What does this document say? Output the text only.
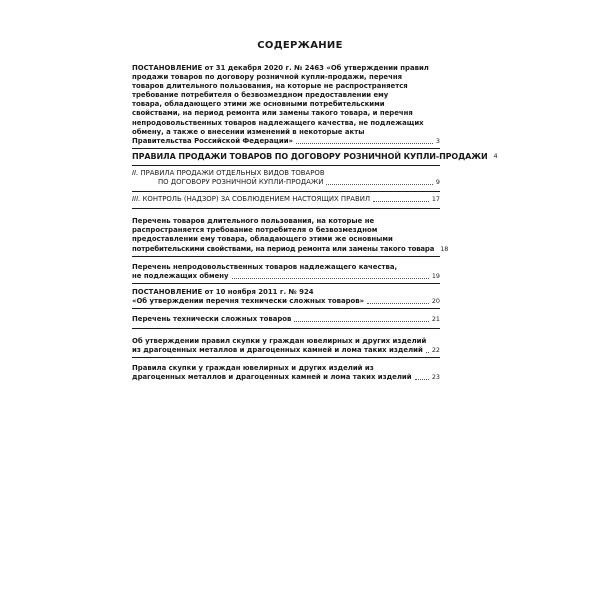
СОДЕРЖАНИЕ
ПОСТАНОВЛЕНИЕ от 31 декабря 2020 г. № 2463 «Об утверждении правил
продажи товаров по договору розничной купли-продажи, перечня
товаров длительного пользования, на которые не распространяется
требование потребителя о безвозмездном предоставлении ему
товара, обладающего этими же основными потребительскими
свойствами, на период ремонта или замены такого товара, и перечня
непродовольственных товаров надлежащего качества, не подлежащих
обмену, а также о внесении изменений в некоторые акты
Правительства Российской Федерации»	3
ПРАВИЛА ПРОДАЖИ ТОВАРОВ ПО ДОГОВОРУ РОЗНИЧНОЙ КУПЛИ-ПРОДАЖИ 4
II. ПРАВИЛА ПРОДАЖИ ОТДЕЛЬНЫХ ВИДОВ ТОВАРОВ
ПО ДОГОВОРУ РОЗНИЧНОЙ КУПЛИ-ПРОДАЖИ	9
III. КОНТРОЛЬ (НАДЗОР) ЗА СОБЛЮДЕНИЕМ НАСТОЯЩИХ ПРАВИЛ	17
Перечень товаров длительного пользования, на которые не
распространяется требование потребителя о безвозмездном
предоставлении ему товара, обладающего этими же основными
потребительскими свойствами, на период ремонта или замены такого товара 18
Перечень непродовольственных товаров надлежащего качества,
не подлежащих обмену	19
ПОСТАНОВЛЕНИЕ от 10 ноября 2011 г. № 924
«Об утверждении перечня технически сложных товаров»	20
Перечень технически сложных товаров	21
Об утверждении правил скупки у граждан ювелирных и других изделий
из драгоценных металлов и драгоценных камней и лома таких изделий 22
Правила скупки у граждан ювелирных и других изделий из
драгоценных металлов и драгоценных камней и лома таких изделий	23
